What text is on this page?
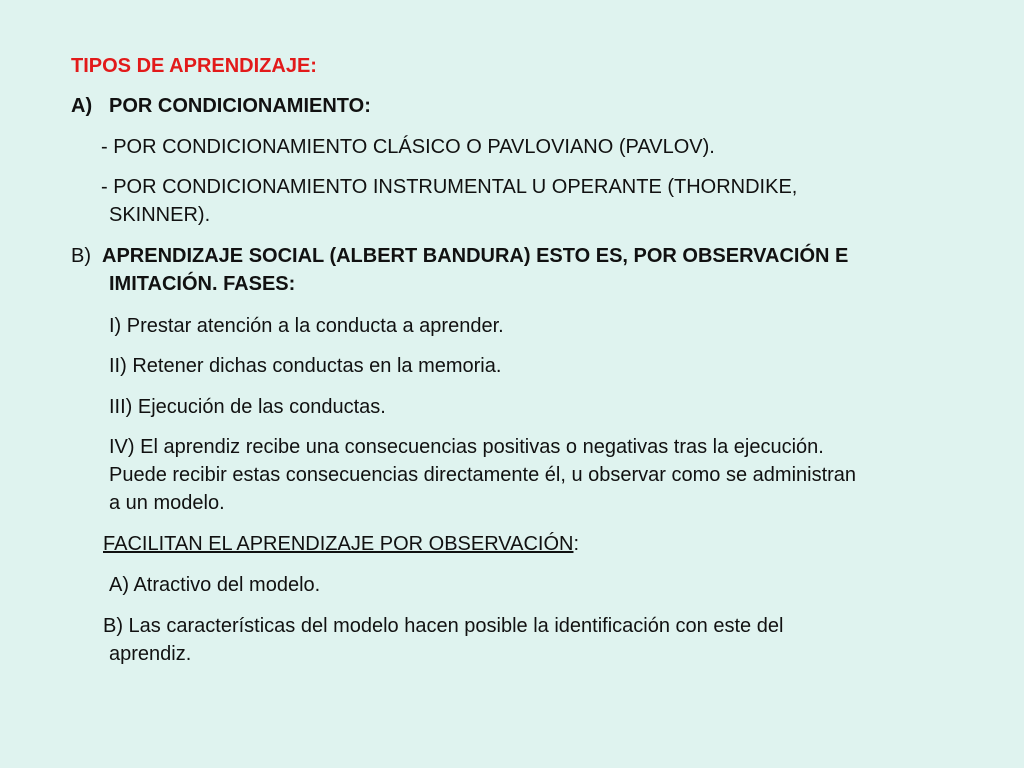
TIPOS DE APRENDIZAJE:
A) POR CONDICIONAMIENTO:
- POR CONDICIONAMIENTO CLÁSICO O PAVLOVIANO (PAVLOV).
- POR CONDICIONAMIENTO INSTRUMENTAL U OPERANTE (THORNDIKE,
SKINNER).
B) APRENDIZAJE SOCIAL (ALBERT BANDURA) ESTO ES, POR OBSERVACIÓN E
IMITACIÓN. FASES:
I) Prestar atención a la conducta a aprender.
II) Retener dichas conductas en la memoria.
III) Ejecución de las conductas.
IV) El aprendiz recibe una consecuencias positivas o negativas tras la ejecución.
Puede recibir estas consecuencias directamente él, u observar como se administran
a un modelo.
FACILITAN EL APRENDIZAJE POR OBSERVACIÓN:
A) Atractivo del modelo.
B) Las características del modelo hacen posible la identificación con este del
aprendiz.
